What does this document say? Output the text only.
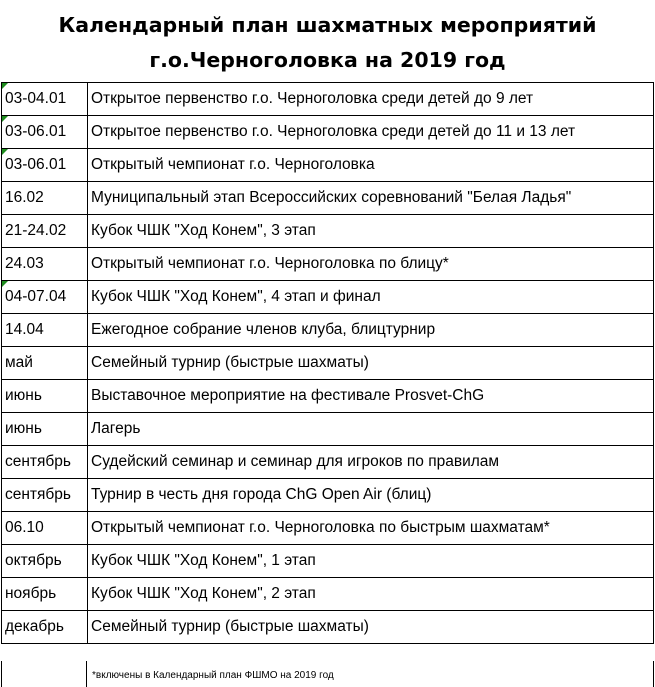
Календарный план шахматных мероприятий
г.о.Черноголовка на 2019 год
03-04.01	Открытое первенство г.о. Черноголовка среди детей до 9 лет
03-06.01	Открытое первенство г.о. Черноголовка среди детей до 11 и 13 лет
03-06.01	Открытый чемпионат г.о. Черноголовка
16.02	Муниципальный этап Всероссийских соревнований "Белая Ладья"
21-24.02	Кубок ЧШК "Ход Конем", 3 этап
24.03	Открытый чемпионат г.о. Черноголовка по блицу*
04-07.04	Кубок ЧШК "Ход Конем", 4 этап и финал
14.04	Ежегодное собрание членов клуба, блицтурнир
май	Семейный турнир (быстрые шахматы)
июнь	Выставочное мероприятие на фестивале Prosvet-ChG
июнь	Лагерь
сентябрь	Судейский семинар и семинар для игроков по правилам
сентябрь	Турнир в честь дня города ChG Open Air (блиц)
06.10	Открытый чемпионат г.о. Черноголовка по быстрым шахматам*
октябрь	Кубок ЧШК "Ход Конем", 1 этап
ноябрь	Кубок ЧШК "Ход Конем", 2 этап
декабрь	Семейный турнир (быстрые шахматы)
*включены в Календарный план ФШМО на 2019 год
